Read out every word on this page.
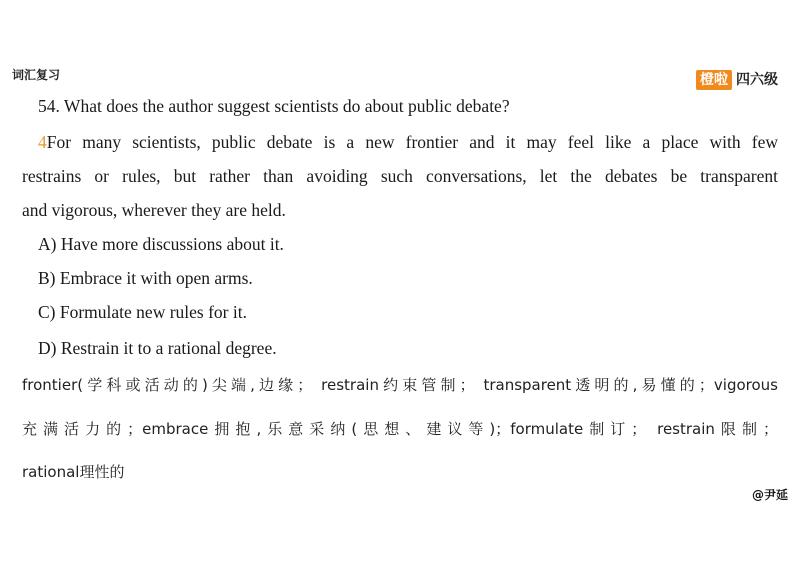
词汇复习	橙啦 四六级
54. What does the author suggest scientists do about public debate?
4For many scientists, public debate is a new frontier and it may feel like a place with few
restrains or rules, but rather than avoiding such conversations, let the debates be transparent
and vigorous, wherever they are held.
A) Have more discussions about it.
B) Embrace it with open arms.
C) Formulate new rules for it.
D) Restrain it to a rational degree.
frontier(学科或活动的)尖端,边缘； restrain约束管制； transparent透明的,易懂的；vigorous
充满活力的；embrace拥抱,乐意采纳(思想、建议等)；formulate制订； restrain限制；
rational理性的
@尹延
